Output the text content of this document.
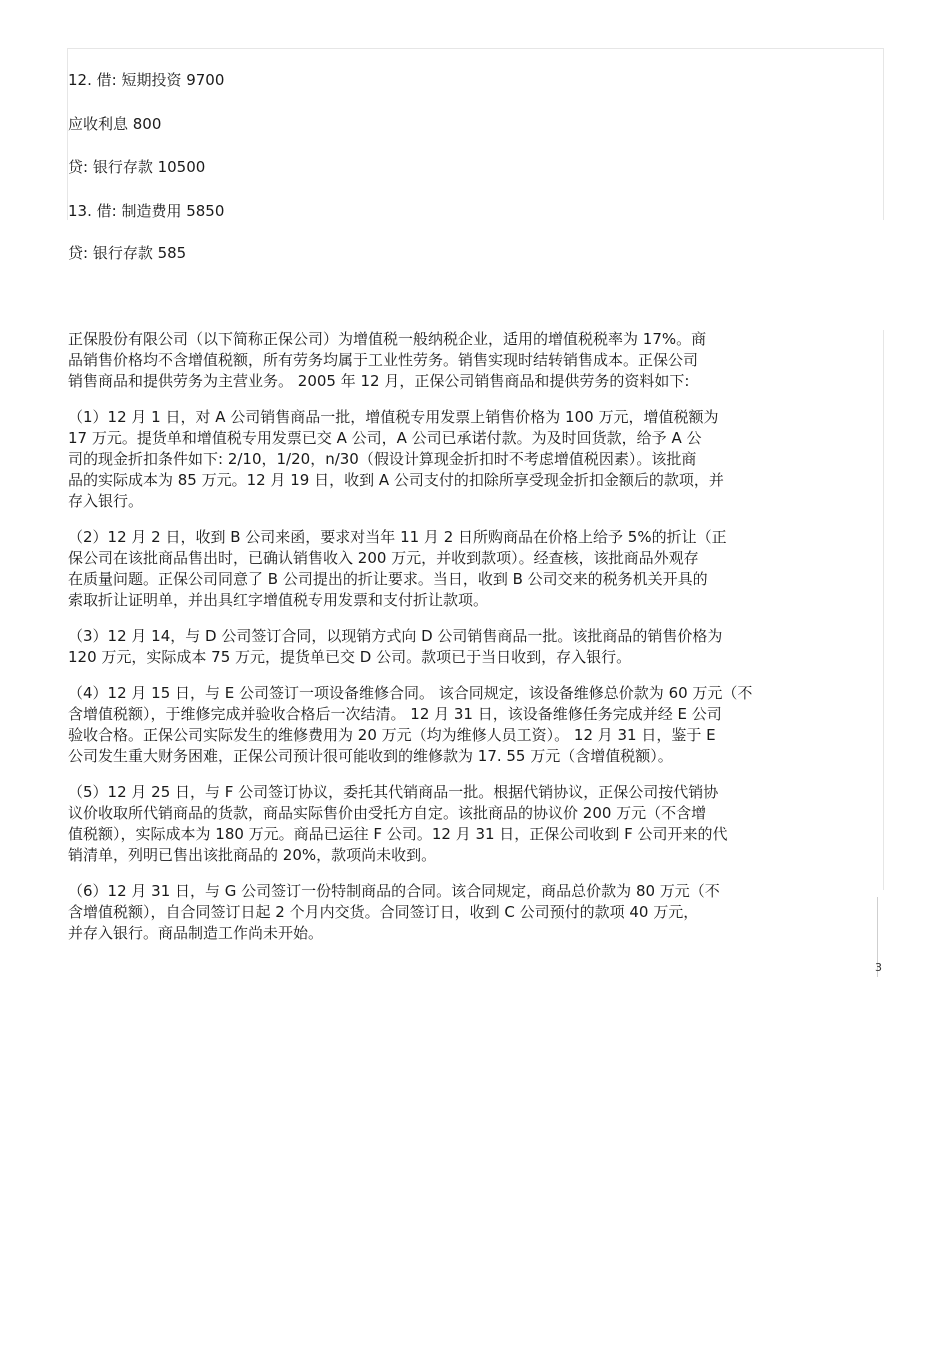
12. 借: 短期投资 9700
应收利息 800
贷: 银行存款 10500
13. 借: 制造费用 5850
贷: 银行存款 585
正保股份有限公司（以下简称正保公司）为增值税一般纳税企业，适用的增值税税率为 17%。商
品销售价格均不含增值税额，所有劳务均属于工业性劳务。销售实现时结转销售成本。正保公司
销售商品和提供劳务为主营业务。 2005 年 12 月，正保公司销售商品和提供劳务的资料如下:
（1）12 月 1 日，对 A 公司销售商品一批，增值税专用发票上销售价格为 100 万元，增值税额为
17 万元。提货单和增值税专用发票已交 A 公司，A 公司已承诺付款。为及时回货款，给予 A 公
司的现金折扣条件如下: 2/10，1/20，n/30（假设计算现金折扣时不考虑增值税因素）。该批商
品的实际成本为 85 万元。12 月 19 日，收到 A 公司支付的扣除所享受现金折扣金额后的款项，并
存入银行。
（2）12 月 2 日，收到 B 公司来函，要求对当年 11 月 2 日所购商品在价格上给予 5%的折让（正
保公司在该批商品售出时，已确认销售收入 200 万元，并收到款项）。经查核，该批商品外观存
在质量问题。正保公司同意了 B 公司提出的折让要求。当日，收到 B 公司交来的税务机关开具的
索取折让证明单，并出具红字增值税专用发票和支付折让款项。
（3）12 月 14，与 D 公司签订合同，以现销方式向 D 公司销售商品一批。该批商品的销售价格为
120 万元，实际成本 75 万元，提货单已交 D 公司。款项已于当日收到，存入银行。
（4）12 月 15 日，与 E 公司签订一项设备维修合同。 该合同规定，该设备维修总价款为 60 万元（不
含增值税额），于维修完成并验收合格后一次结清。 12 月 31 日，该设备维修任务完成并经 E 公司
验收合格。正保公司实际发生的维修费用为 20 万元（均为维修人员工资）。 12 月 31 日，鉴于 E
公司发生重大财务困难，正保公司预计很可能收到的维修款为 17. 55 万元（含增值税额）。
（5）12 月 25 日，与 F 公司签订协议，委托其代销商品一批。根据代销协议，正保公司按代销协
议价收取所代销商品的货款，商品实际售价由受托方自定。该批商品的协议价 200 万元（不含增
值税额），实际成本为 180 万元。商品已运往 F 公司。12 月 31 日，正保公司收到 F 公司开来的代
销清单，列明已售出该批商品的 20%，款项尚未收到。
（6）12 月 31 日，与 G 公司签订一份特制商品的合同。该合同规定，商品总价款为 80 万元（不
含增值税额），自合同签订日起 2 个月内交货。合同签订日，收到 C 公司预付的款项 40 万元，
并存入银行。商品制造工作尚未开始。
3
